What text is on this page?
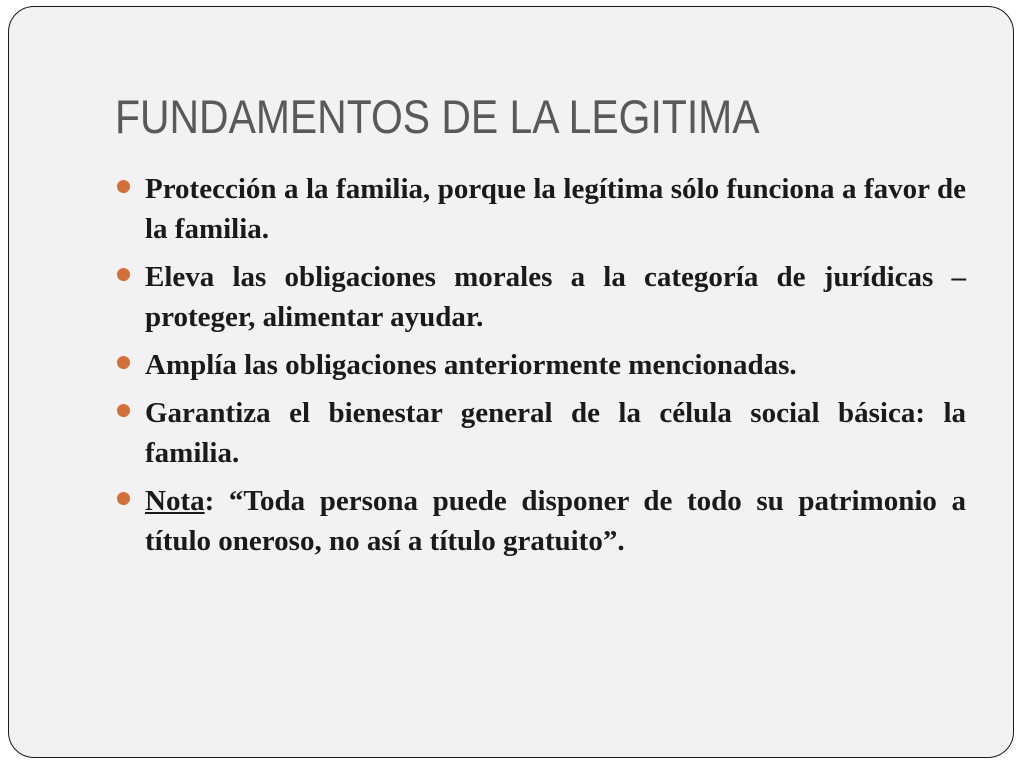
FUNDAMENTOS DE LA LEGITIMA
Protección a la familia, porque la legítima sólo funciona a favor de la familia.
Eleva las obligaciones morales a la categoría de jurídicas – proteger, alimentar ayudar.
Amplía las obligaciones anteriormente mencionadas.
Garantiza el bienestar general de la célula social básica: la familia.
Nota: “Toda persona puede disponer de todo su patrimonio a título oneroso, no así a título gratuito”.
